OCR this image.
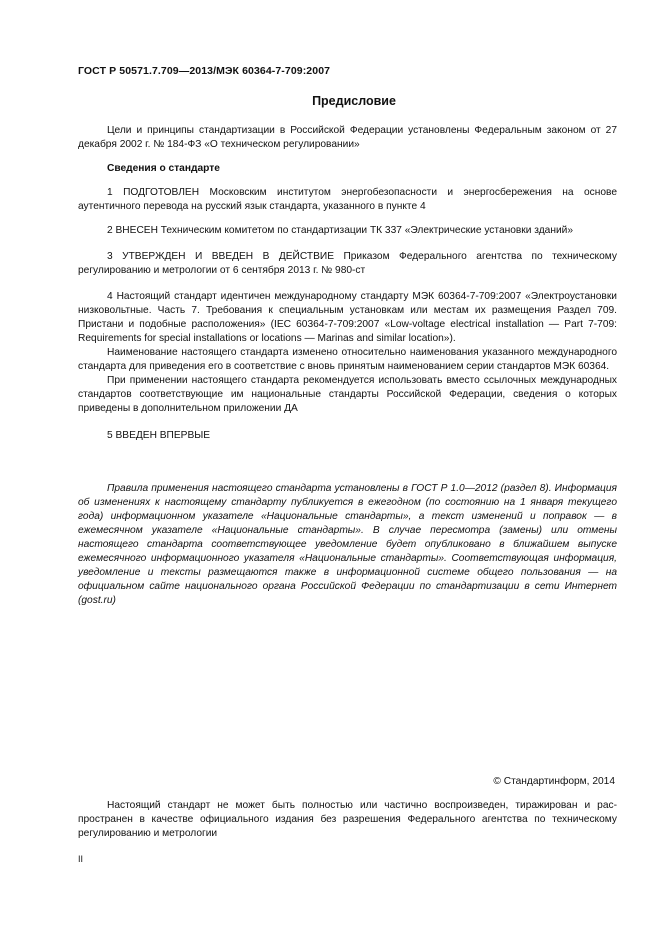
ГОСТ Р 50571.7.709—2013/МЭК 60364-7-709:2007
Предисловие

Цели и принципы стандартизации в Российской Федерации установлены Федеральным законом от 27 декабря 2002 г. № 184-ФЗ «О техническом регулировании»

Сведения о стандарте

1 ПОДГОТОВЛЕН Московским институтом энергобезопасности и энергосбережения на основе аутентичного перевода на русский язык стандарта, указанного в пункте 4

2 ВНЕСЕН Техническим комитетом по стандартизации ТК 337 «Электрические установки зданий»

3 УТВЕРЖДЕН И ВВЕДЕН В ДЕЙСТВИЕ Приказом Федерального агентства по техническому регулированию и метрологии от 6 сентября 2013 г. № 980-ст

4 Настоящий стандарт идентичен международному стандарту МЭК 60364-7-709:2007 «Электроустановки низковольтные. Часть 7. Требования к специальным установкам или местам их размещения Раздел 709. Пристани и подобные расположения» (IEC 60364-7-709:2007 «Low-voltage electrical installation — Part 7-709: Requirements for special installations or locations — Marinas and similar location»).

Наименование настоящего стандарта изменено относительно наименования указанного международного стандарта для приведения его в соответствие с вновь принятым наименованием серии стандартов МЭК 60364.

При применении настоящего стандарта рекомендуется использовать вместо ссылочных международных стандартов соответствующие им национальные стандарты Российской Федерации, сведения о которых приведены в дополнительном приложении ДА

5 ВВЕДЕН ВПЕРВЫЕ

Правила применения настоящего стандарта установлены в ГОСТ Р 1.0—2012 (раздел 8). Информация об изменениях к настоящему стандарту публикуется в ежегодном (по состоянию на 1 января текущего года) информационном указателе «Национальные стандарты», а текст изменений и поправок — в ежемесячном указателе «Национальные стандарты». В случае пересмотра (замены) или отмены настоящего стандарта соответствующее уведомление будет опубликовано в ближайшем выпуске ежемесячного информационного указателя «Национальные стандарты». Соответствующая информация, уведомление и тексты размещаются также в информационной системе общего пользования — на официальном сайте национального органа Российской Федерации по стандартизации в сети Интернет (gost.ru)

© Стандартинформ, 2014

Настоящий стандарт не может быть полностью или частично воспроизведен, тиражирован и распространен в качестве официального издания без разрешения Федерального агентства по техническому регулированию и метрологии

II
